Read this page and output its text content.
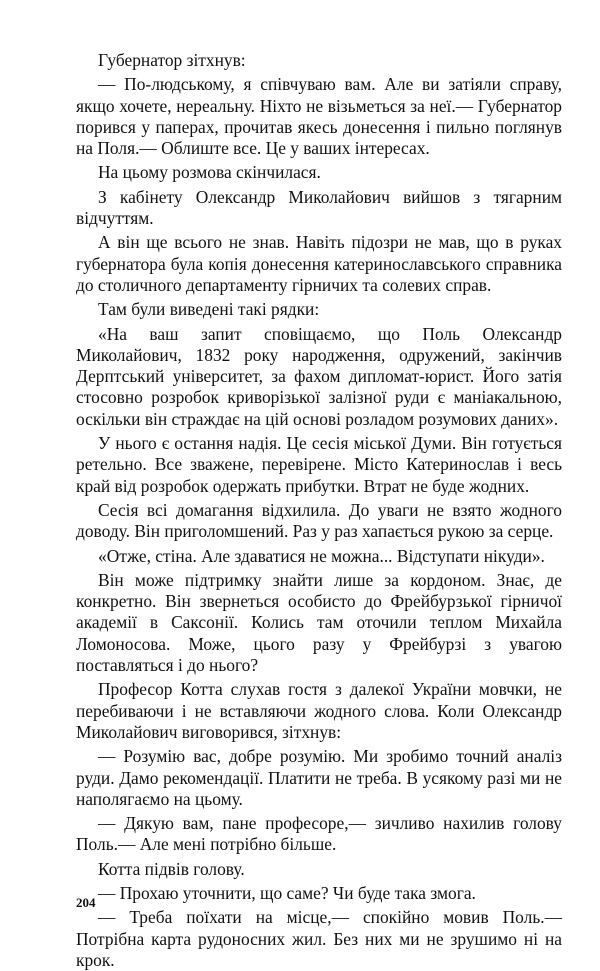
Губернатор зітхнув:

— По-людському, я співчуваю вам. Але ви затіяли справу, якщо хочете, нереальну. Ніхто не візьметься за неї.— Губернатор порився у паперах, прочитав якесь донесення і пильно поглянув на Поля.— Облиште все. Це у ваших інтересах.

На цьому розмова скінчилася.

З кабінету Олександр Миколайович вийшов з тягарним відчуттям.

А він ще всього не знав. Навіть підозри не мав, що в руках губернатора була копія донесення катеринославського справника до столичного департаменту гірничих та солевих справ.

Там були виведені такі рядки:

«На ваш запит сповіщаємо, що Поль Олександр Миколайович, 1832 року народження, одружений, закінчив Дерптський університет, за фахом дипломат-юрист. Його затія стосовно розробок криворізької залізної руди є маніакальною, оскільки він страждає на цій основі розладом розумових даних».

У нього є остання надія. Це сесія міської Думи. Він готується ретельно. Все зважене, перевірене. Місто Катеринослав і весь край від розробок одержать прибутки. Втрат не буде жодних.

Сесія всі домагання відхилила. До уваги не взято жодного доводу. Він приголомшений. Раз у раз хапається рукою за серце.

«Отже, стіна. Але здаватися не можна... Відступати нікуди».

Він може підтримку знайти лише за кордоном. Знає, де конкретно. Він звернеться особисто до Фрейбурзької гірничої академії в Саксонії. Колись там оточили теплом Михайла Ломоносова. Може, цього разу у Фрейбурзі з увагою поставляться і до нього?

Професор Котта слухав гостя з далекої України мовчки, не перебиваючи і не вставляючи жодного слова. Коли Олександр Миколайович виговорився, зітхнув:

— Розумію вас, добре розумію. Ми зробимо точний аналіз руди. Дамо рекомендації. Платити не треба. В усякому разі ми не наполягаємо на цьому.

— Дякую вам, пане професоре,— зичливо нахилив голову Поль.— Але мені потрібно більше.

Котта підвів голову.

— Прохаю уточнити, що саме? Чи буде така змога.

— Треба поїхати на місце,— спокійно мовив Поль.— Потрібна карта рудоносних жил. Без них ми не зрушимо ні на крок.

204
